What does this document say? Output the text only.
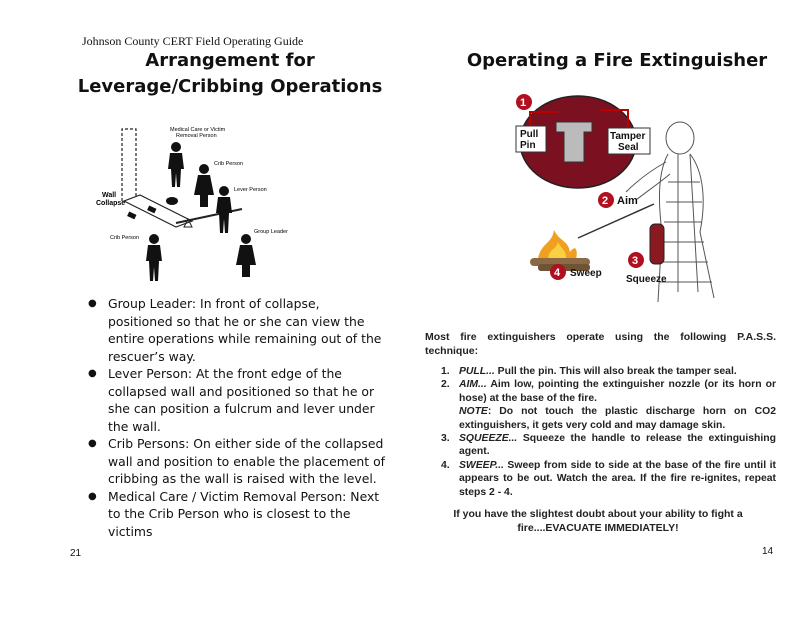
Johnson County CERT Field Operating Guide
Arrangement for Leverage/Cribbing Operations
Medical Care or Victim
Removal Person
Crib Person
Lever Person
Wall
Collapse
Group Leader
Crib Person
● Group Leader: In front of collapse, positioned so that he or she can view the entire operations while remaining out of the rescuer’s way.
● Lever Person: At the front edge of the collapsed wall and positioned so that he or she can position a fulcrum and lever under the wall.
● Crib Persons: On either side of the collapsed wall and position to enable the placement of cribbing as the wall is raised with the level.
● Medical Care / Victim Removal Person: Next to the Crib Person who is closest to the victims
21
Operating a Fire Extinguisher
1
Pull
Pin
Tamper
Seal
2 Aim
3
Squeeze
4 Sweep

Most fire extinguishers operate using the following P.A.S.S. technique:

1. PULL... Pull the pin. This will also break the tamper seal.
2. AIM... Aim low, pointing the extinguisher nozzle (or its horn or hose) at the base of the fire.
NOTE: Do not touch the plastic discharge horn on CO2 extinguishers, it gets very cold and may damage skin.
3. SQUEEZE... Squeeze the handle to release the extinguishing agent.
4. SWEEP... Sweep from side to side at the base of the fire until it appears to be out. Watch the area. If the fire re-ignites, repeat steps 2 - 4.

If you have the slightest doubt about your ability to fight a fire....EVACUATE IMMEDIATELY!

14
